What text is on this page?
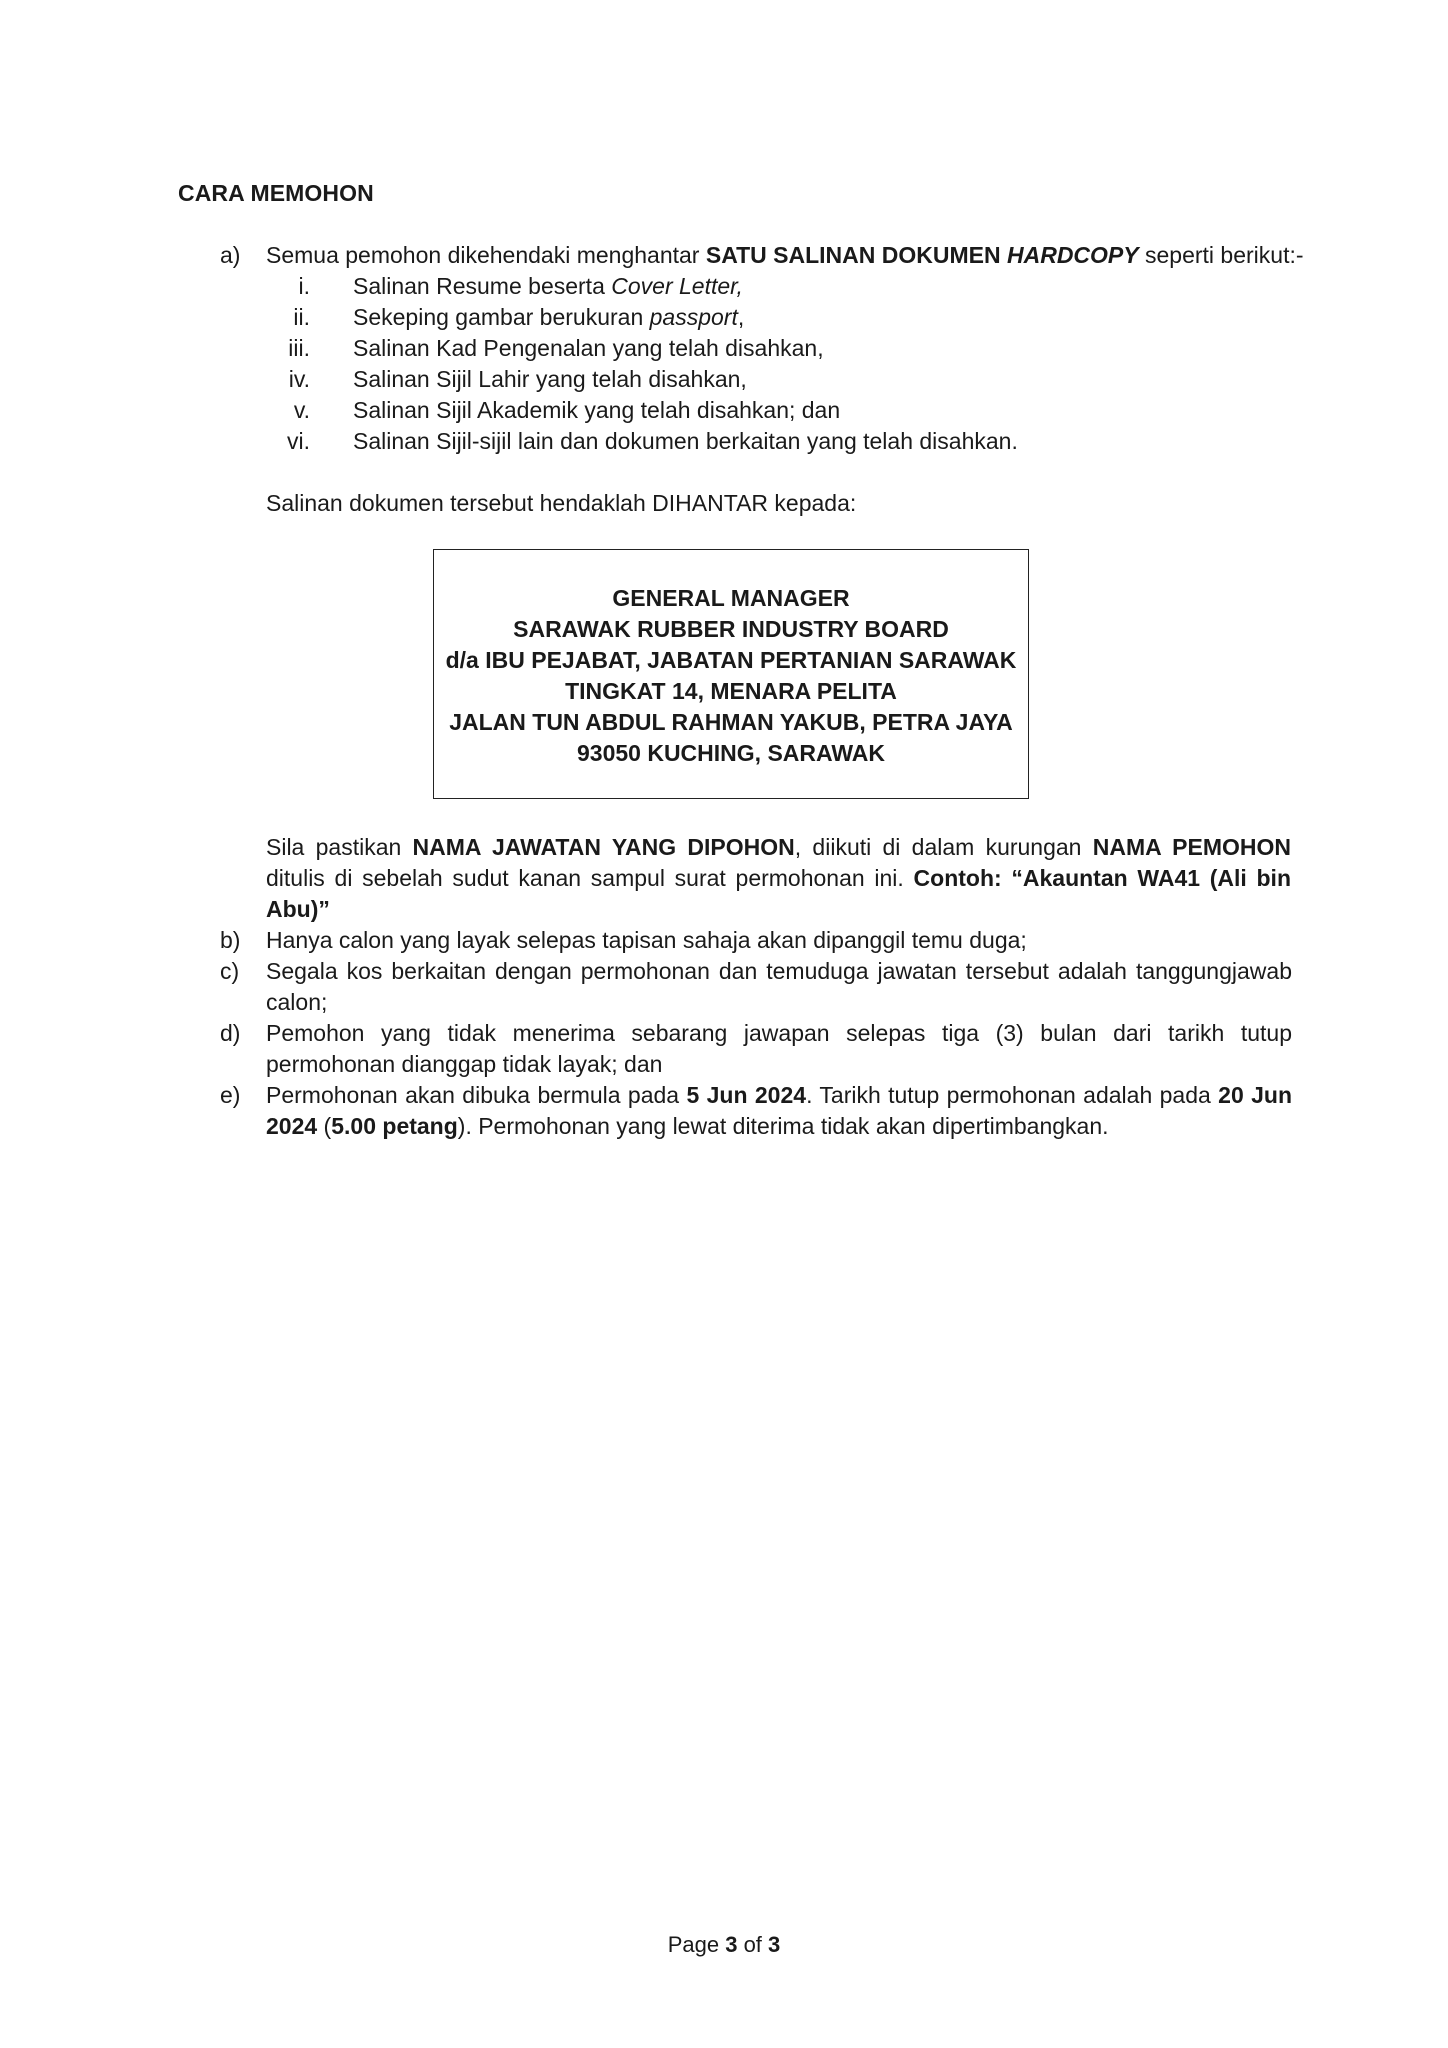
CARA MEMOHON
a)	Semua pemohon dikehendaki menghantar SATU SALINAN DOKUMEN HARDCOPY seperti berikut:-
i. Salinan Resume beserta Cover Letter,
ii. Sekeping gambar berukuran passport,
iii. Salinan Kad Pengenalan yang telah disahkan,
iv. Salinan Sijil Lahir yang telah disahkan,
v. Salinan Sijil Akademik yang telah disahkan; dan
vi. Salinan Sijil-sijil lain dan dokumen berkaitan yang telah disahkan.
Salinan dokumen tersebut hendaklah DIHANTAR kepada:
GENERAL MANAGER
SARAWAK RUBBER INDUSTRY BOARD
d/a IBU PEJABAT, JABATAN PERTANIAN SARAWAK
TINGKAT 14, MENARA PELITA
JALAN TUN ABDUL RAHMAN YAKUB, PETRA JAYA
93050 KUCHING, SARAWAK
Sila pastikan NAMA JAWATAN YANG DIPOHON, diikuti di dalam kurungan NAMA PEMOHON ditulis di sebelah sudut kanan sampul surat permohonan ini. Contoh: “Akauntan WA41 (Ali bin Abu)”
b) Hanya calon yang layak selepas tapisan sahaja akan dipanggil temu duga;
c) Segala kos berkaitan dengan permohonan dan temuduga jawatan tersebut adalah tanggungjawab calon;
d) Pemohon yang tidak menerima sebarang jawapan selepas tiga (3) bulan dari tarikh tutup permohonan dianggap tidak layak; dan
e) Permohonan akan dibuka bermula pada 5 Jun 2024. Tarikh tutup permohonan adalah pada 20 Jun 2024 (5.00 petang). Permohonan yang lewat diterima tidak akan dipertimbangkan.
Page 3 of 3
